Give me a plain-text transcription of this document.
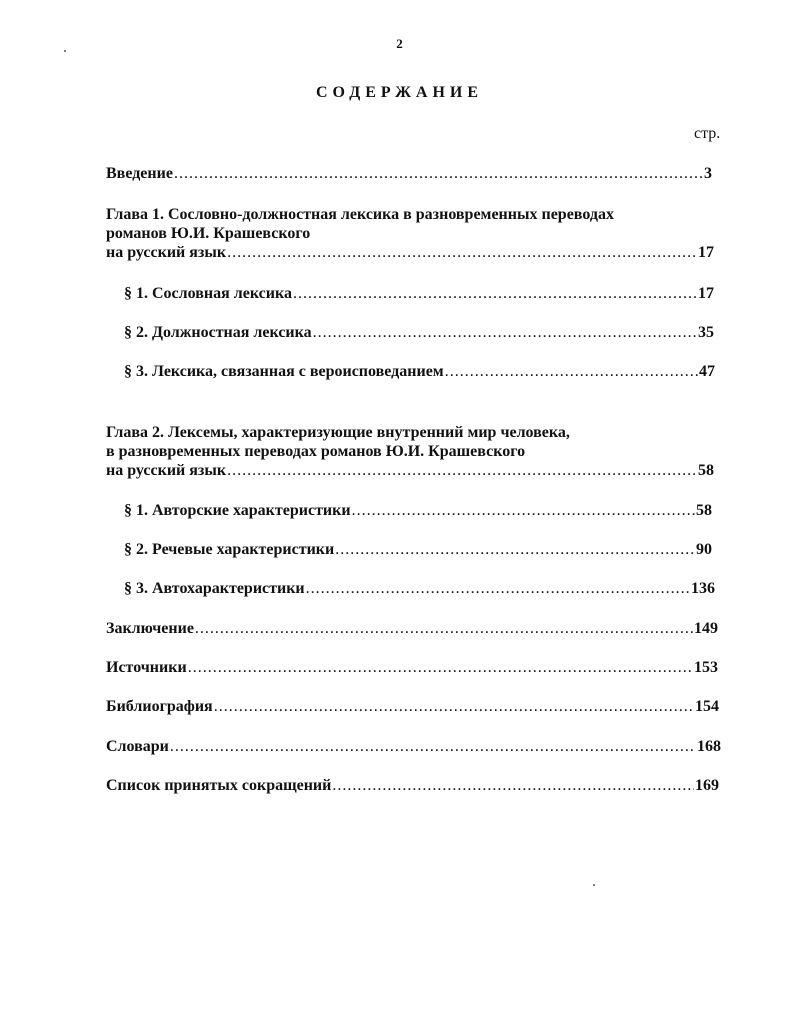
2
СОДЕРЖАНИЕ
стр.
Введение .....	3
Глава 1. Сословно-должностная лексика в разновременных переводах
романов Ю.И. Крашевского
на русский язык .....	17
§ 1. Сословная лексика .....	17
§ 2. Должностная лексика .....	35
§ 3. Лексика, связанная с вероисповеданием .....	47
Глава 2. Лексемы, характеризующие внутренний мир человека,
в разновременных переводах романов Ю.И. Крашевского
на русский язык .....	58
§ 1. Авторские характеристики .....	58
§ 2. Речевые характеристики .....	90
§ 3. Автохарактеристики .....	136
Заключение .....	149
Источники .....	153
Библиография .....	154
Словари .....	168
Список принятых сокращений .....	169
